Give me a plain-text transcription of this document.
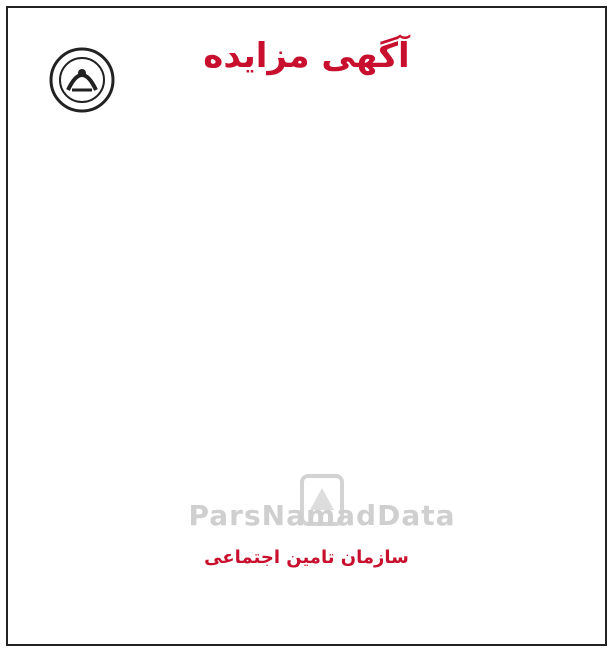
آگهی مزایده
ParsNamadData
سازمان تامین اجتماعی
